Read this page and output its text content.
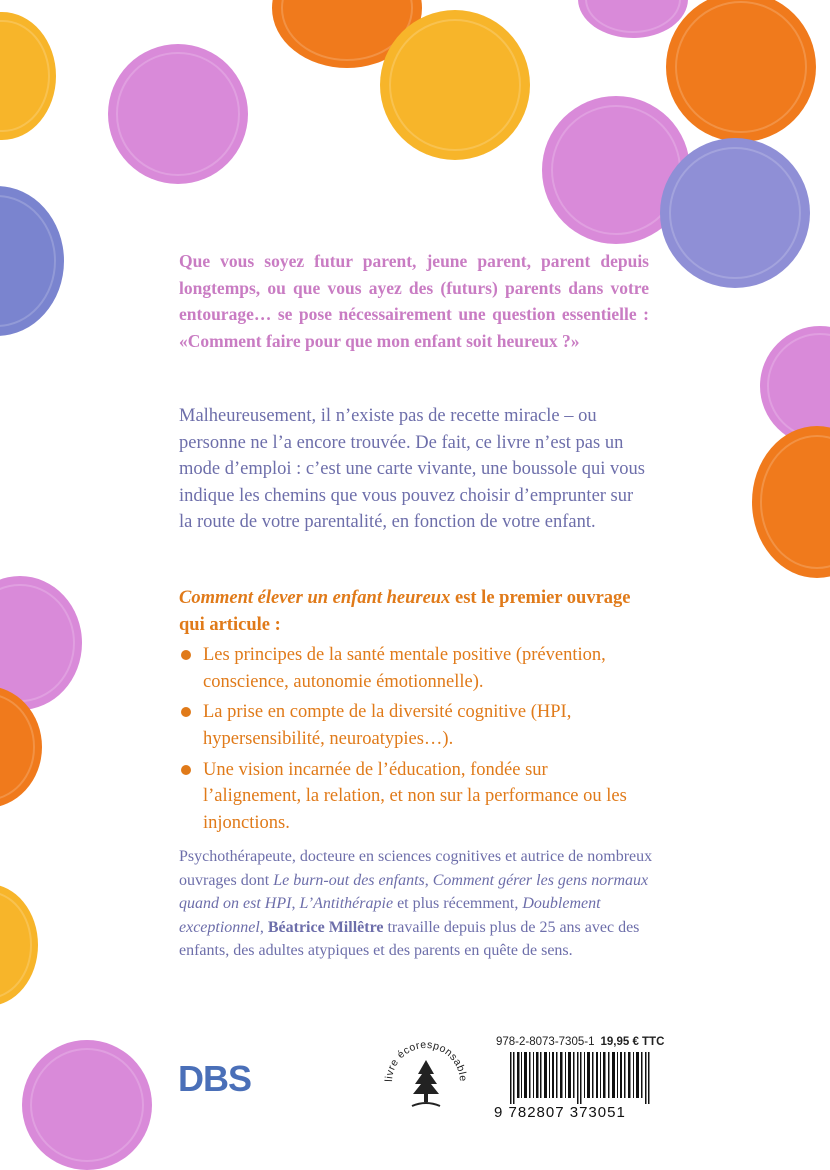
Que vous soyez futur parent, jeune parent, parent depuis longtemps, ou que vous ayez des (futurs) parents dans votre entourage… se pose nécessairement une question essentielle : «Comment faire pour que mon enfant soit heureux ?»
Malheureusement, il n’existe pas de recette miracle – ou personne ne l’a encore trouvée. De fait, ce livre n’est pas un mode d’emploi : c’est une carte vivante, une boussole qui vous indique les chemins que vous pouvez choisir d’emprunter sur la route de votre parentalité, en fonction de votre enfant.
Comment élever un enfant heureux est le premier ouvrage qui articule :
Les principes de la santé mentale positive (prévention, conscience, autonomie émotionnelle).
La prise en compte de la diversité cognitive (HPI, hypersensibilité, neuroatypies…).
Une vision incarnée de l’éducation, fondée sur l’alignement, la relation, et non sur la performance ou les injonctions.
Psychothérapeute, docteure en sciences cognitives et autrice de nombreux ouvrages dont Le burn-out des enfants, Comment gérer les gens normaux quand on est HPI, L’Antithérapie et plus récemment, Doublement exceptionnel, Béatrice Millêtre travaille depuis plus de 25 ans avec des enfants, des adultes atypiques et des parents en quête de sens.
DBS	livre écoresponsable
978-2-8073-7305-1 19,95 € TTC
9 782807 373051
